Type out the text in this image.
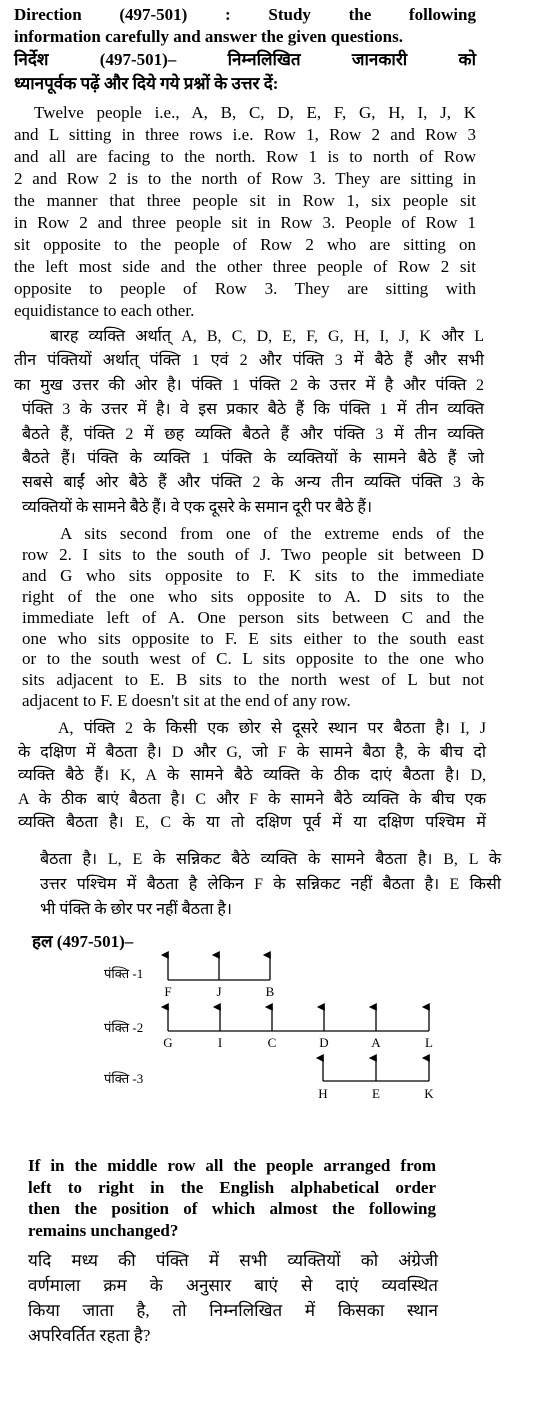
Direction (497-501) : Study the following
information carefully and answer the given questions.
निर्देश (497-501)– निम्नलिखित जानकारी को
ध्यानपूर्वक पढ़ें और दिये गये प्रश्नों के उत्तर दें:
Twelve people i.e., A, B, C, D, E, F, G, H, I, J, K
and L sitting in three rows i.e. Row 1, Row 2 and Row 3
and all are facing to the north. Row 1 is to north of Row
2 and Row 2 is to the north of Row 3. They are sitting in
the manner that three people sit in Row 1, six people sit
in Row 2 and three people sit in Row 3. People of Row 1
sit opposite to the people of Row 2 who are sitting on
the left most side and the other three people of Row 2 sit
opposite to people of Row 3. They are sitting with
equidistance to each other.
बारह व्यक्ति अर्थात् A, B, C, D, E, F, G, H, I, J, K और L
तीन पंक्तियों अर्थात् पंक्ति 1 एवं 2 और पंक्ति 3 में बैठे हैं और सभी
का मुख उत्तर की ओर है। पंक्ति 1 पंक्ति 2 के उत्तर में है और पंक्ति 2
पंक्ति 3 के उत्तर में है। वे इस प्रकार बैठे हैं कि पंक्ति 1 में तीन व्यक्ति
बैठते हैं, पंक्ति 2 में छह व्यक्ति बैठते हैं और पंक्ति 3 में तीन व्यक्ति
बैठते हैं। पंक्ति के व्यक्ति 1 पंक्ति के व्यक्तियों के सामने बैठे हैं जो
सबसे बाईं ओर बैठे हैं और पंक्ति 2 के अन्य तीन व्यक्ति पंक्ति 3 के
व्यक्तियों के सामने बैठे हैं। वे एक दूसरे के समान दूरी पर बैठे हैं।
A sits second from one of the extreme ends of the
row 2. I sits to the south of J. Two people sit between D
and G who sits opposite to F. K sits to the immediate
right of the one who sits opposite to A. D sits to the
immediate left of A. One person sits between C and the
one who sits opposite to F. E sits either to the south east
or to the south west of C. L sits opposite to the one who
sits adjacent to E. B sits to the north west of L but not
adjacent to F. E doesn't sit at the end of any row.
A, पंक्ति 2 के किसी एक छोर से दूसरे स्थान पर बैठता है। I, J
के दक्षिण में बैठता है। D और G, जो F के सामने बैठा है, के बीच दो
व्यक्ति बैठे हैं। K, A के सामने बैठे व्यक्ति के ठीक दाएं बैठता है। D,
A के ठीक बाएं बैठता है। C और F के सामने बैठे व्यक्ति के बीच एक
व्यक्ति बैठता है। E, C के या तो दक्षिण पूर्व में या दक्षिण पश्चिम में
बैठता है। L, E के सन्निकट बैठे व्यक्ति के सामने बैठता है। B, L के
उत्तर पश्चिम में बैठता है लेकिन F के सन्निकट नहीं बैठता है। E किसी
भी पंक्ति के छोर पर नहीं बैठता है।
हल (497-501)–
पंक्ति -1
पंक्ति -2
पंक्ति -3
F	J	B
G	I	C	D	A	L
H	E	K
If in the middle row all the people arranged from
left to right in the English alphabetical order
then the position of which almost the following
remains unchanged?
यदि मध्य की पंक्ति में सभी व्यक्तियों को अंग्रेजी
वर्णमाला क्रम के अनुसार बाएं से दाएं व्यवस्थित
किया जाता है, तो निम्नलिखित में किसका स्थान
अपरिवर्तित रहता है?
